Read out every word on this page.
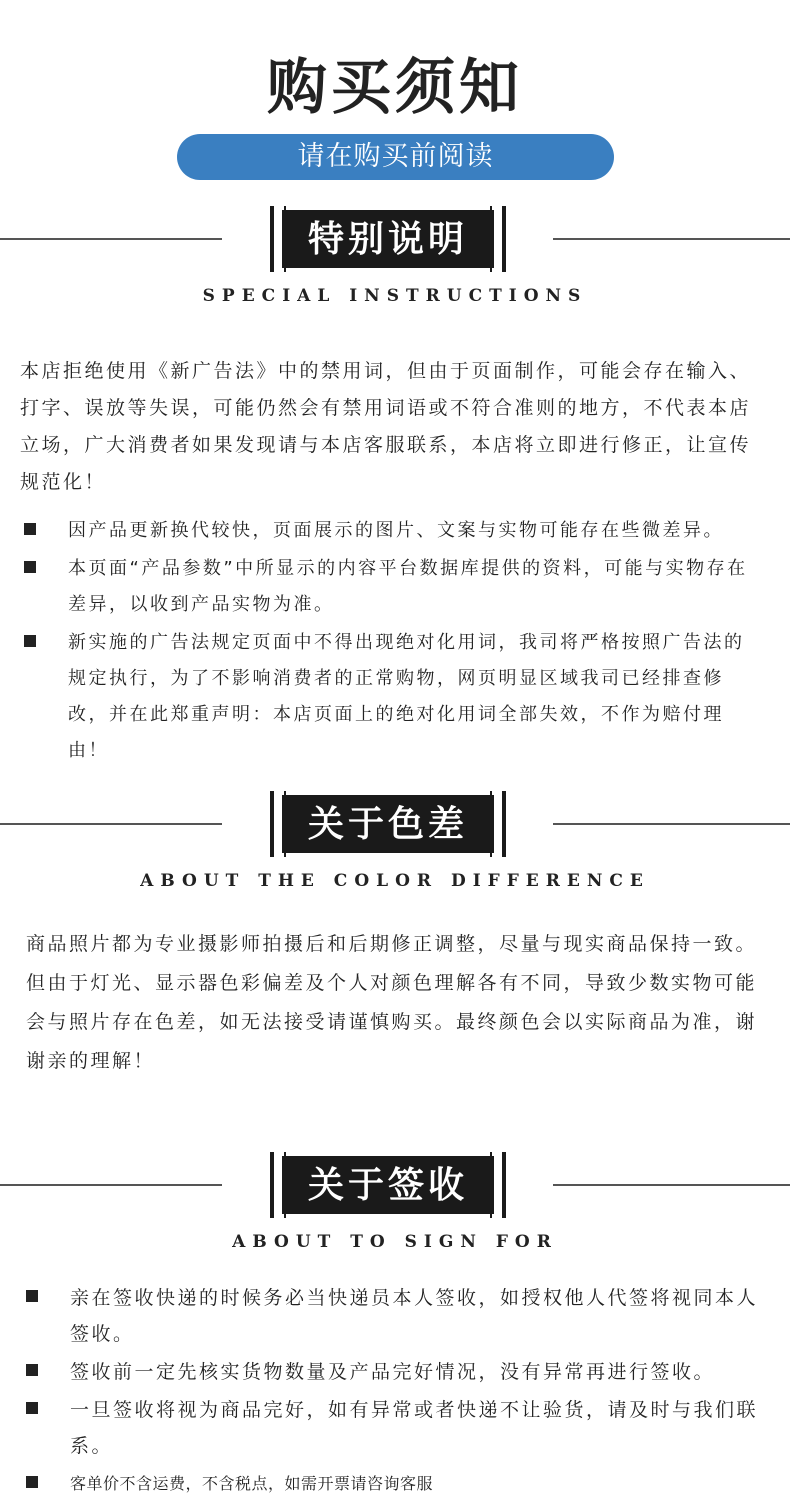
购买须知
请在购买前阅读
特别说明
SPECIAL INSTRUCTIONS

本店拒绝使用《新广告法》中的禁用词，但由于页面制作，可能会存在输入、打字、误放等失误，可能仍然会有禁用词语或不符合准则的地方，不代表本店立场，广大消费者如果发现请与本店客服联系，本店将立即进行修正，让宣传规范化！

因产品更新换代较快，页面展示的图片、文案与实物可能存在些微差异。
本页面“产品参数”中所显示的内容平台数据库提供的资料，可能与实物存在差异，以收到产品实物为准。
新实施的广告法规定页面中不得出现绝对化用词，我司将严格按照广告法的规定执行，为了不影响消费者的正常购物，网页明显区域我司已经排查修改，并在此郑重声明：本店页面上的绝对化用词全部失效，不作为赔付理由！
关于色差
ABOUT THE COLOR DIFFERENCE

商品照片都为专业摄影师拍摄后和后期修正调整，尽量与现实商品保持一致。但由于灯光、显示器色彩偏差及个人对颜色理解各有不同，导致少数实物可能会与照片存在色差，如无法接受请谨慎购买。最终颜色会以实际商品为准，谢谢亲的理解！

关于签收
ABOUT TO SIGN FOR
亲在签收快递的时候务必当快递员本人签收，如授权他人代签将视同本人签收。
签收前一定先核实货物数量及产品完好情况，没有异常再进行签收。
一旦签收将视为商品完好，如有异常或者快递不让验货，请及时与我们联系。
客单价不含运费，不含税点，如需开票请咨询客服
